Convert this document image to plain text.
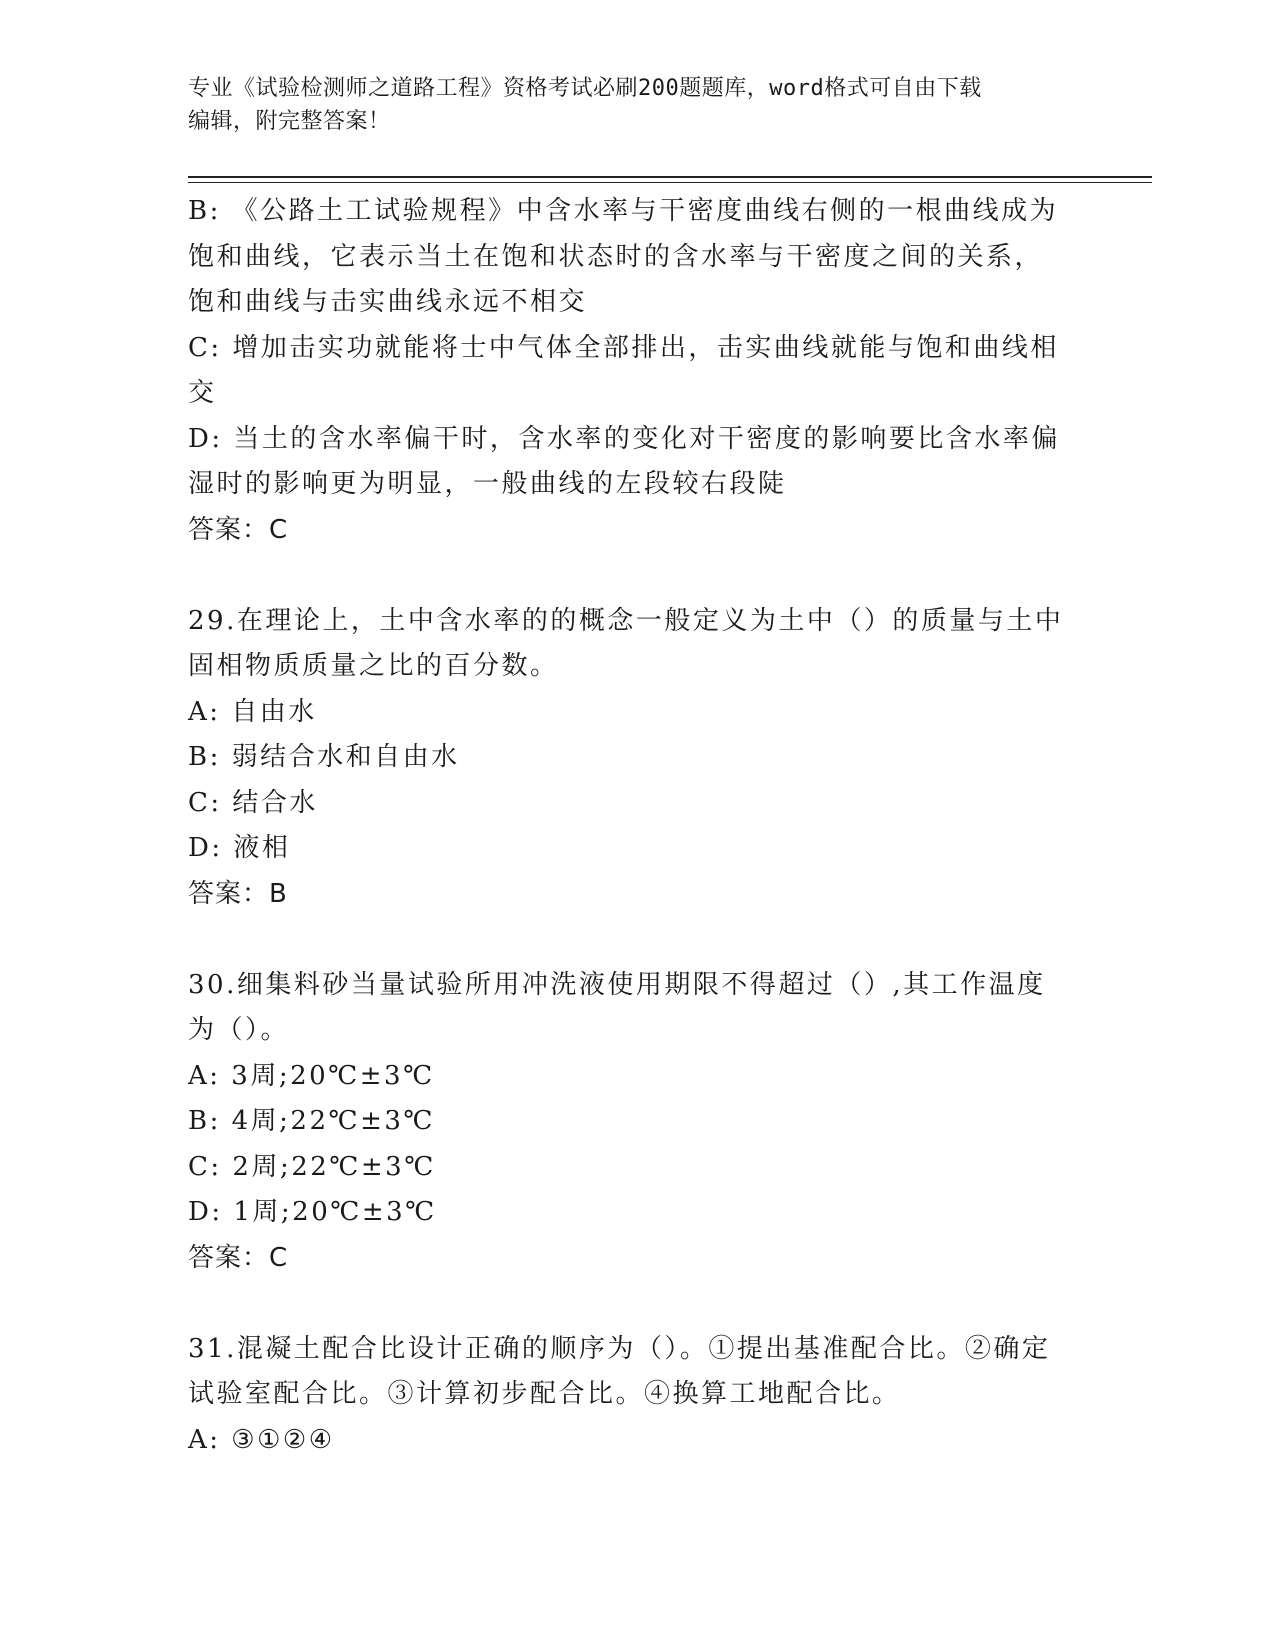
专业《试验检测师之道路工程》资格考试必刷200题题库，word格式可自由下载
编辑，附完整答案！
B: 《公路土工试验规程》中含水率与干密度曲线右侧的一根曲线成为
饱和曲线，它表示当土在饱和状态时的含水率与干密度之间的关系，
饱和曲线与击实曲线永远不相交
C: 增加击实功就能将士中气体全部排出，击实曲线就能与饱和曲线相
交
D: 当土的含水率偏干时，含水率的变化对干密度的影响要比含水率偏
湿时的影响更为明显，一般曲线的左段较右段陡
答案：C
29.在理论上，土中含水率的的概念一般定义为土中（）的质量与土中
固相物质质量之比的百分数。
A: 自由水
B: 弱结合水和自由水
C: 结合水
D: 液相
答案：B
30.细集料砂当量试验所用冲洗液使用期限不得超过（）,其工作温度
为（）。
A: 3周;20℃±3℃
B: 4周;22℃±3℃
C: 2周;22℃±3℃
D: 1周;20℃±3℃
答案：C
31.混凝土配合比设计正确的顺序为（）。①提出基准配合比。②确定
试验室配合比。③计算初步配合比。④换算工地配合比。
A: ③①②④
